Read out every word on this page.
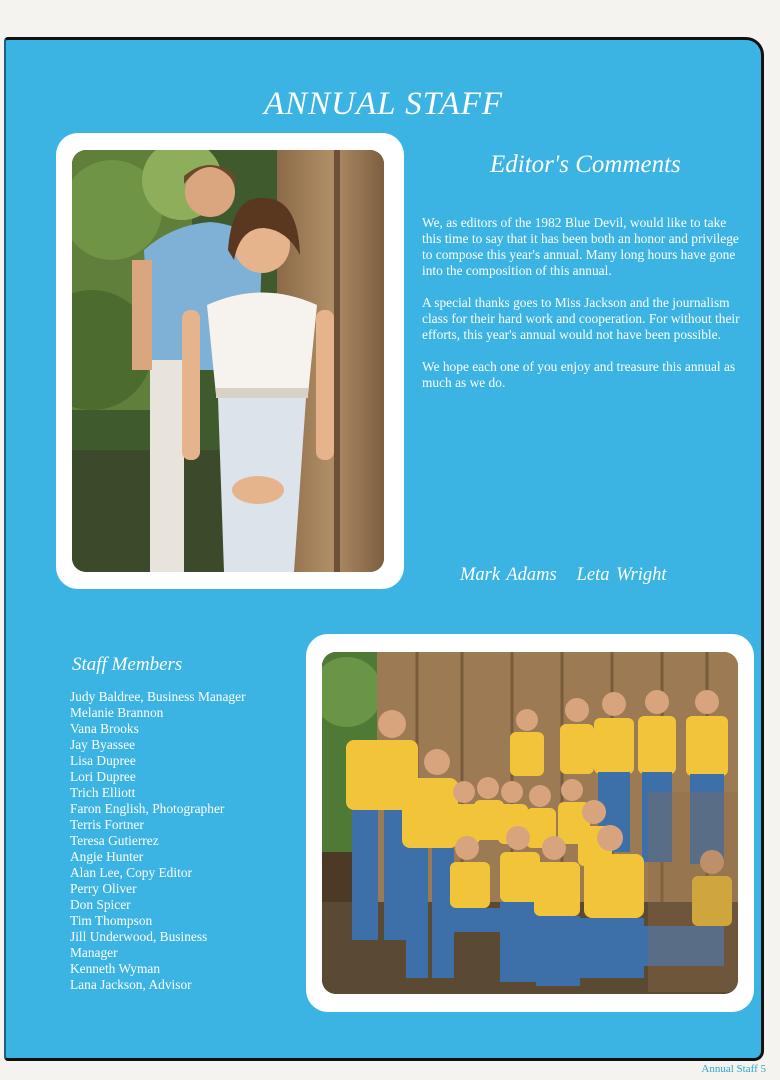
ANNUAL STAFF
Editor's Comments

We, as editors of the 1982 Blue Devil, would like to take this time to say that it has been both an honor and privilege to compose this year's annual. Many long hours have gone into the composition of this annual.

A special thanks goes to Miss Jackson and the journalism class for their hard work and cooperation. For without their efforts, this year's annual would not have been possible.

We hope each one of you enjoy and treasure this annual as much as we do.

Mark Adams   Leta Wright
Staff Members
Judy Baldree, Business Manager
Melanie Brannon
Vana Brooks
Jay Byassee
Lisa Dupree
Lori Dupree
Trich Elliott
Faron English, Photographer
Terris Fortner
Teresa Gutierrez
Angie Hunter
Alan Lee, Copy Editor
Perry Oliver
Don Spicer
Tim Thompson
Jill Underwood, Business
Manager
Kenneth Wyman
Lana Jackson, Advisor
Annual Staff 5
